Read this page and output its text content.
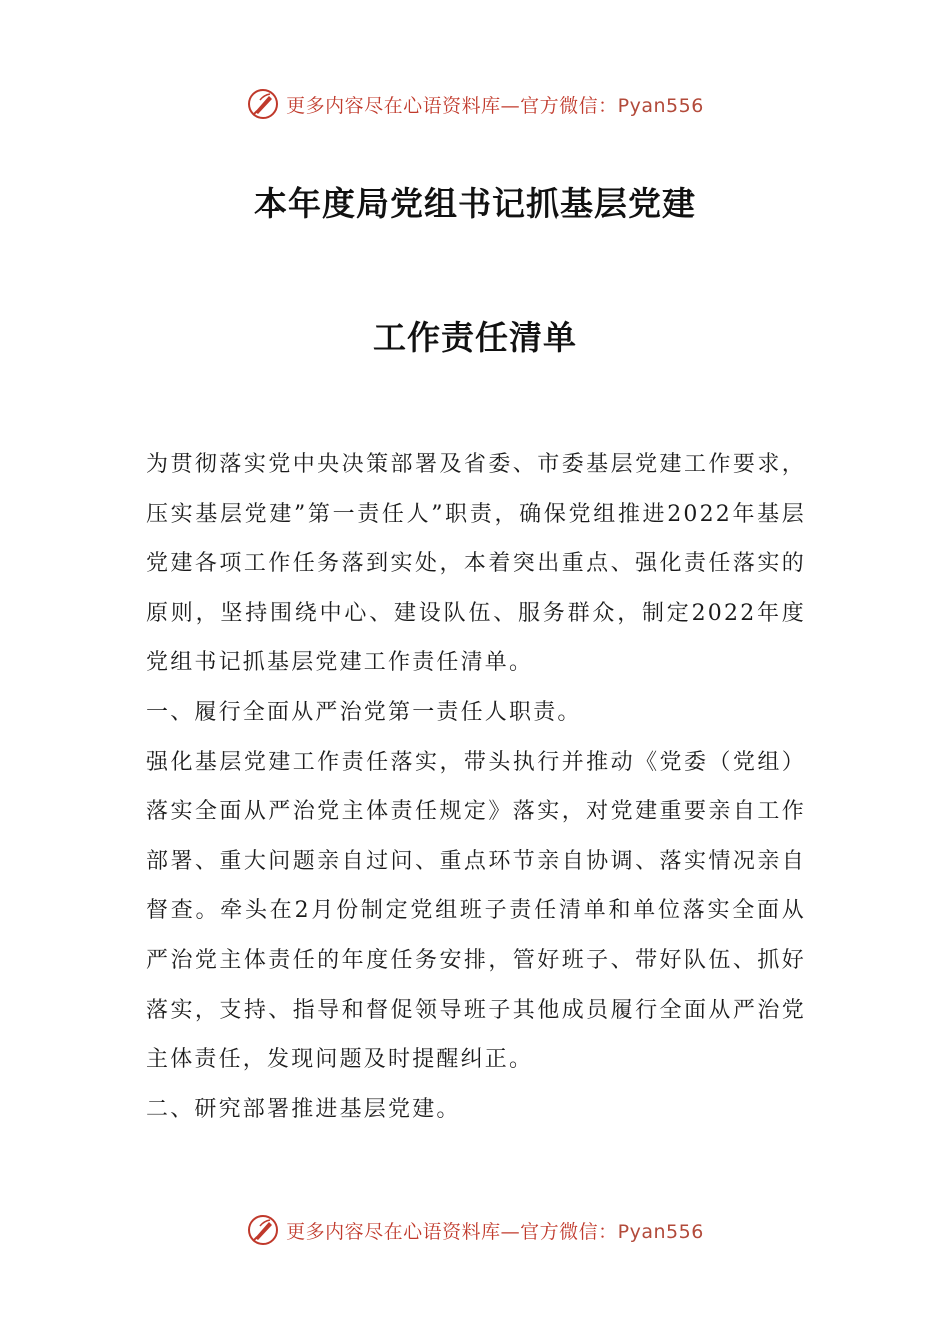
更多内容尽在心语资料库—官方微信：Pyan556
本年度局党组书记抓基层党建
工作责任清单

为贯彻落实党中央决策部署及省委、市委基层党建工作要求，压实基层党建”第一责任人”职责，确保党组推进2022年基层党建各项工作任务落到实处，本着突出重点、强化责任落实的原则，坚持围绕中心、建设队伍、服务群众，制定2022年度党组书记抓基层党建工作责任清单。

一、履行全面从严治党第一责任人职责。

强化基层党建工作责任落实，带头执行并推动《党委（党组）落实全面从严治党主体责任规定》落实，对党建重要亲自工作部署、重大问题亲自过问、重点环节亲自协调、落实情况亲自督查。牵头在2月份制定党组班子责任清单和单位落实全面从严治党主体责任的年度任务安排，管好班子、带好队伍、抓好落实，支持、指导和督促领导班子其他成员履行全面从严治党主体责任，发现问题及时提醒纠正。

二、研究部署推进基层党建。

更多内容尽在心语资料库—官方微信：Pyan556
